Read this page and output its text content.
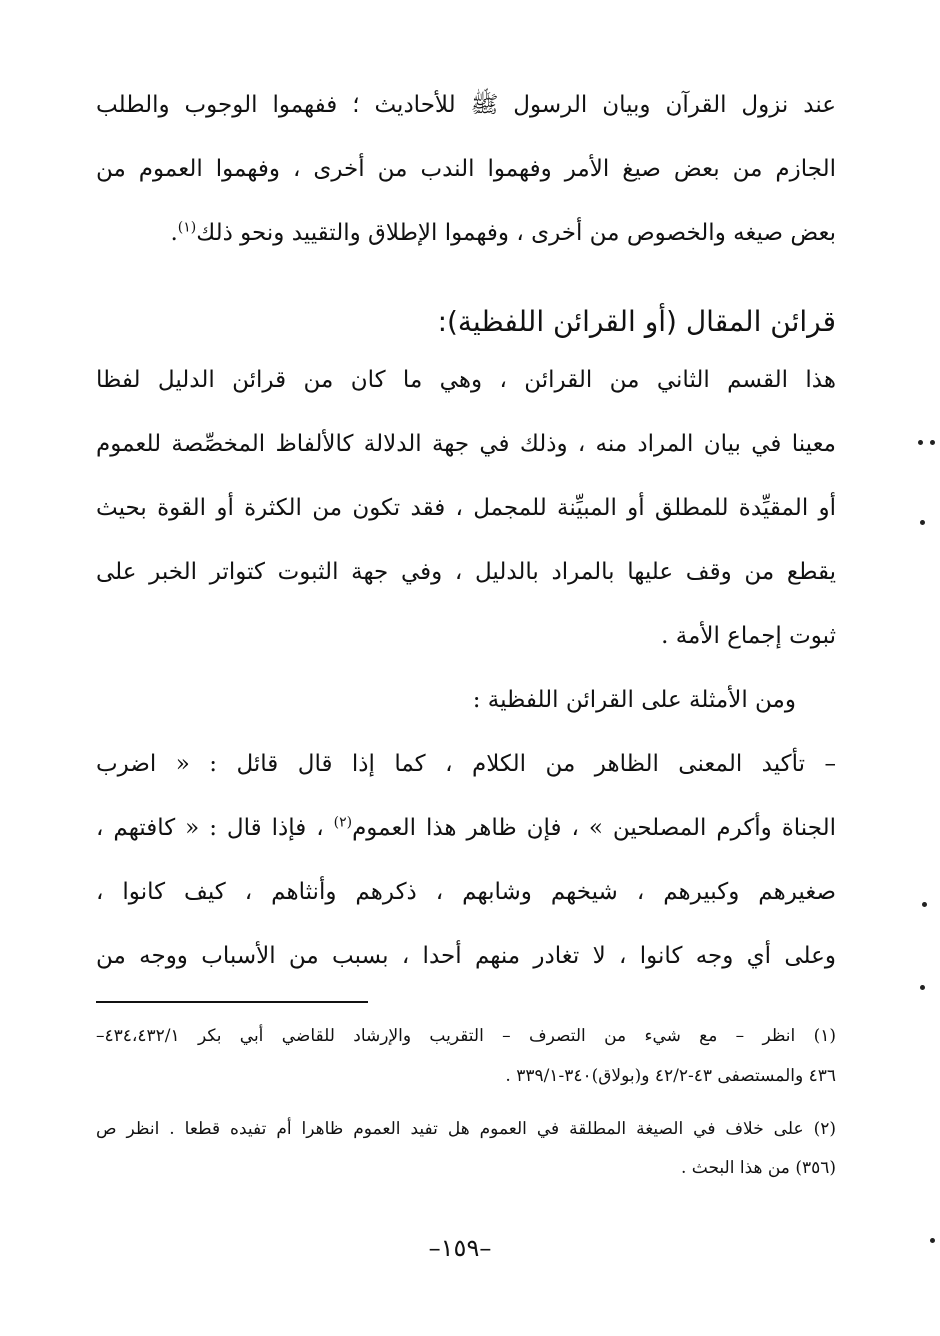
عند نزول القرآن وبيان الرسول ﷺ للأحاديث ؛ ففهموا الوجوب والطلب
الجازم من بعض صيغ الأمر وفهموا الندب من أخرى ، وفهموا العموم من
بعض صيغه والخصوص من أخرى ، وفهموا الإطلاق والتقييد ونحو ذلك$^{(١)}$.
قرائن المقال (أو القرائن اللفظية):
هذا القسم الثاني من القرائن ، وهي ما كان من قرائن الدليل لفظا
معينا في بيان المراد منه ، وذلك في جهة الدلالة كالألفاظ المخصِّصة للعموم
أو المقيِّدة للمطلق أو المبيِّنة للمجمل ، فقد تكون من الكثرة أو القوة بحيث
يقطع من وقف عليها بالمراد بالدليل ، وفي جهة الثبوت كتواتر الخبر على
ثبوت إجماع الأمة .
ومن الأمثلة على القرائن اللفظية :
– تأكيد المعنى الظاهر من الكلام ، كما إذا قال قائل : « اضرب
الجناة وأكرم المصلحين » ، فإن ظاهر هذا العموم$^{(٢)}$ ، فإذا قال : « كافتهم ،
صغيرهم وكبيرهم ، شيخهم وشابهم ، ذكرهم وأنثاهم ، كيف كانوا ،
وعلى أي وجه كانوا ، لا تغادر منهم أحدا ، بسبب من الأسباب ووجه من
(١) انظر – مع شيء من التصرف – التقريب والإرشاد للقاضي أبي بكر ٤٣٤،٤٣٢/١–
٤٣٦ والمستصفى ٤٣-٤٢/٢ و(بولاق)٣٤٠-٣٣٩/١ .
(٢) على خلاف في الصيغة المطلقة في العموم هل تفيد العموم ظاهرا أم تفيده قطعا . انظر ص
(٣٥٦) من هذا البحث .
–١٥٩–
